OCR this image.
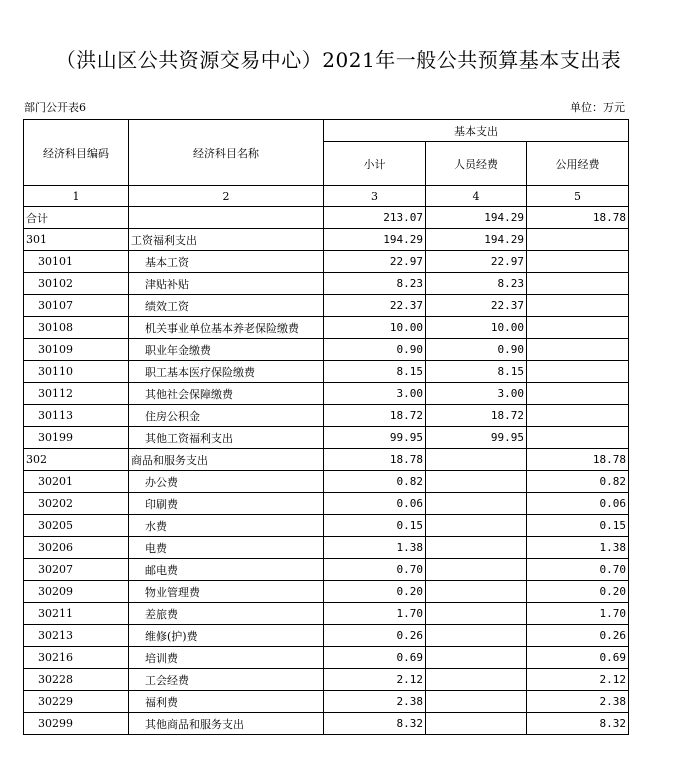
（洪山区公共资源交易中心）2021年一般公共预算基本支出表
部门公开表6	单位：万元
经济科目编码	经济科目名称	基本支出		
		小计	人员经费	公用经费
1	2	3	4	5
合计		213.07	194.29	18.78
301	工资福利支出	194.29	194.29	
30101	基本工资	22.97	22.97	
30102	津贴补贴	8.23	8.23	
30107	绩效工资	22.37	22.37	
30108	机关事业单位基本养老保险缴费	10.00	10.00	
30109	职业年金缴费	0.90	0.90	
30110	职工基本医疗保险缴费	8.15	8.15	
30112	其他社会保障缴费	3.00	3.00	
30113	住房公积金	18.72	18.72	
30199	其他工资福利支出	99.95	99.95	
302	商品和服务支出	18.78		18.78
30201	办公费	0.82		0.82
30202	印刷费	0.06		0.06
30205	水费	0.15		0.15
30206	电费	1.38		1.38
30207	邮电费	0.70		0.70
30209	物业管理费	0.20		0.20
30211	差旅费	1.70		1.70
30213	维修(护)费	0.26		0.26
30216	培训费	0.69		0.69
30228	工会经费	2.12		2.12
30229	福利费	2.38		2.38
30299	其他商品和服务支出	8.32		8.32
